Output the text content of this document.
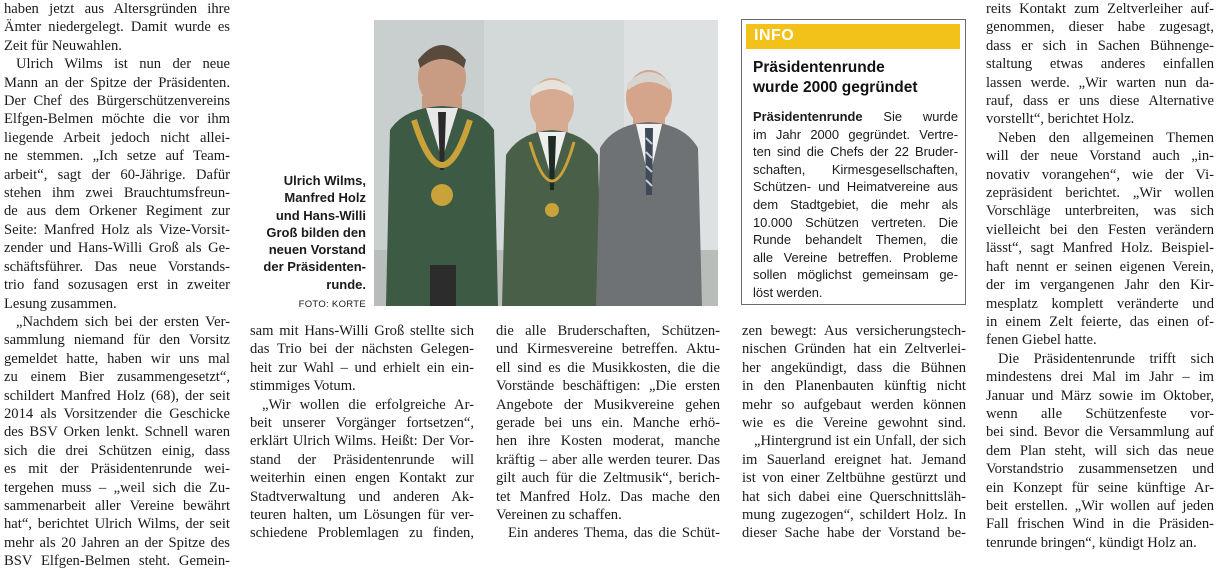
haben jetzt aus Altersgründen ihre
Ämter niedergelegt. Damit wurde es
Zeit für Neuwahlen.
Ulrich Wilms ist nun der neue
Mann an der Spitze der Präsidenten.
Der Chef des Bürgerschützenvereins
Elfgen-Belmen möchte die vor ihm
liegende Arbeit jedoch nicht allei-
ne stemmen. „Ich setze auf Team-
arbeit“, sagt der 60-Jährige. Dafür
stehen ihm zwei Brauchtumsfreun-
de aus dem Orkener Regiment zur
Seite: Manfred Holz als Vize-Vorsit-
zender und Hans-Willi Groß als Ge-
schäftsführer. Das neue Vorstands-
trio fand sozusagen erst in zweiter
Lesung zusammen.
„Nachdem sich bei der ersten Ver-
sammlung niemand für den Vorsitz
gemeldet hatte, haben wir uns mal
zu einem Bier zusammengesetzt“,
schildert Manfred Holz (68), der seit
2014 als Vorsitzender die Geschicke
des BSV Orken lenkt. Schnell waren
sich die drei Schützen einig, dass
es mit der Präsidentenrunde wei-
tergehen muss – „weil sich die Zu-
sammenarbeit aller Vereine bewährt
hat“, berichtet Ulrich Wilms, der seit
mehr als 20 Jahren an der Spitze des
BSV Elfgen-Belmen steht. Gemein-
Ulrich Wilms,
Manfred Holz
und Hans-Willi
Groß bilden den
neuen Vorstand
der Präsidenten-
runde.
FOTO: KORTE
INFO
Präsidentenrunde
wurde 2000 gegründet
Präsidentenrunde Sie wurde
im Jahr 2000 gegründet. Vertre-
ten sind die Chefs der 22 Bruder-
schaften, Kirmesgesellschaften,
Schützen- und Heimatvereine aus
dem Stadtgebiet, die mehr als
10.000 Schützen vertreten. Die
Runde behandelt Themen, die
alle Vereine betreffen. Probleme
sollen möglichst gemeinsam ge-
löst werden.
sam mit Hans-Willi Groß stellte sich
das Trio bei der nächsten Gelegen-
heit zur Wahl – und erhielt ein ein-
stimmiges Votum.
„Wir wollen die erfolgreiche Ar-
beit unserer Vorgänger fortsetzen“,
erklärt Ulrich Wilms. Heißt: Der Vor-
stand der Präsidentenrunde will
weiterhin einen engen Kontakt zur
Stadtverwaltung und anderen Ak-
teuren halten, um Lösungen für ver-
schiedene Problemlagen zu finden,
die alle Bruderschaften, Schützen-
und Kirmesvereine betreffen. Aktu-
ell sind es die Musikkosten, die die
Vorstände beschäftigen: „Die ersten
Angebote der Musikvereine gehen
gerade bei uns ein. Manche erhö-
hen ihre Kosten moderat, manche
kräftig – aber alle werden teurer. Das
gilt auch für die Zeltmusik“, berich-
tet Manfred Holz. Das mache den
Vereinen zu schaffen.
Ein anderes Thema, das die Schüt-
zen bewegt: Aus versicherungstech-
nischen Gründen hat ein Zeltverlei-
her angekündigt, dass die Bühnen
in den Planenbauten künftig nicht
mehr so aufgebaut werden können
wie es die Vereine gewohnt sind.
„Hintergrund ist ein Unfall, der sich
im Sauerland ereignet hat. Jemand
ist von einer Zeltbühne gestürzt und
hat sich dabei eine Querschnittsläh-
mung zugezogen“, schildert Holz. In
dieser Sache habe der Vorstand be-
reits Kontakt zum Zeltverleiher auf-
genommen, dieser habe zugesagt,
dass er sich in Sachen Bühnenge-
staltung etwas anderes einfallen
lassen werde. „Wir warten nun da-
rauf, dass er uns diese Alternative
vorstellt“, berichtet Holz.
Neben den allgemeinen Themen
will der neue Vorstand auch „in-
novativ vorangehen“, wie der Vi-
zepräsident berichtet. „Wir wollen
Vorschläge unterbreiten, was sich
vielleicht bei den Festen verändern
lässt“, sagt Manfred Holz. Beispiel-
haft nennt er seinen eigenen Verein,
der im vergangenen Jahr den Kir-
mesplatz komplett veränderte und
in einem Zelt feierte, das einen of-
fenen Giebel hatte.
Die Präsidentenrunde trifft sich
mindestens drei Mal im Jahr – im
Januar und März sowie im Oktober,
wenn alle Schützenfeste vor-
bei sind. Bevor die Versammlung auf
dem Plan steht, will sich das neue
Vorstandstrio zusammensetzen und
ein Konzept für seine künftige Ar-
beit erstellen. „Wir wollen auf jeden
Fall frischen Wind in die Präsiden-
tenrunde bringen“, kündigt Holz an.
